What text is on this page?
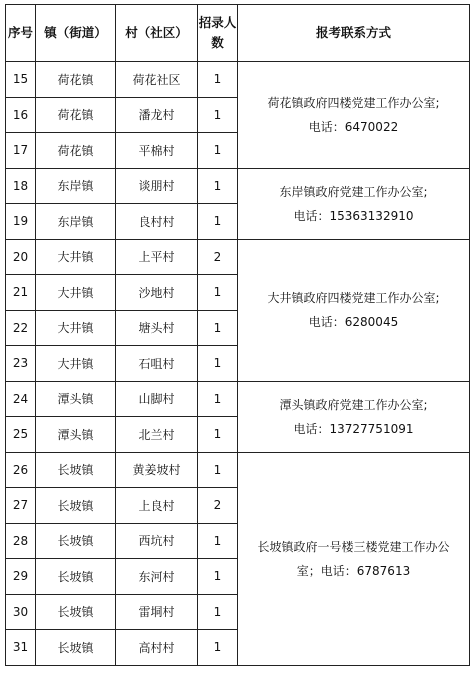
序号	镇（街道）	村（社区）	招录人数	报考联系方式
15	荷花镇	荷花社区	1	荷花镇政府四楼党建工作办公室;
电话：6470022

16	荷花镇	潘龙村	1	
17	荷花镇	平棉村	1	
18	东岸镇	谈朋村	1	东岸镇政府党建工作办公室;
电话：15363132910

19	东岸镇	良村村	1	
20	大井镇	上平村	2	大井镇政府四楼党建工作办公室;
电话：6280045

21	大井镇	沙地村	1	
22	大井镇	塘头村	1	
23	大井镇	石咀村	1	
24	潭头镇	山脚村	1	潭头镇政府党建工作办公室;
电话：13727751091

25	潭头镇	北兰村	1	
26	长坡镇	黄姜坡村	1	长坡镇政府一号楼三楼党建工作办公
室；电话：6787613

27	长坡镇	上良村	2	
28	长坡镇	西坑村	1	
29	长坡镇	东河村	1	
30	长坡镇	雷垌村	1	
31	长坡镇	高村村	1	
